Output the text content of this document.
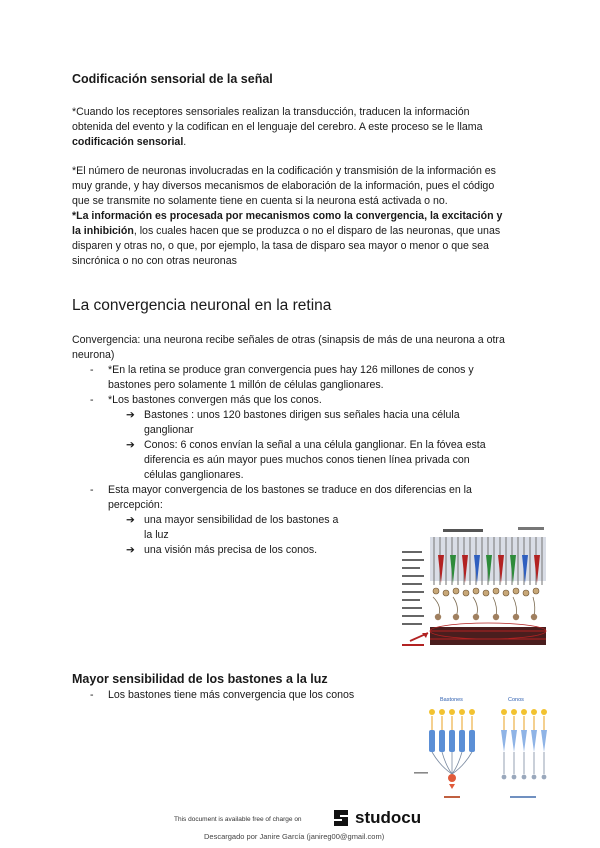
Codificación sensorial de la señal
*Cuando los receptores sensoriales realizan la transducción, traducen la información
obtenida del evento y la codifican en el lenguaje del cerebro. A este proceso se le llama
codificación sensorial.
*El número de neuronas involucradas en la codificación y transmisión de la información es
muy grande, y hay diversos mecanismos de elaboración de la información, pues el código
que se transmite no solamente tiene en cuenta si la neurona está activada o no.
*La información es procesada por mecanismos como la convergencia, la excitación y
la inhibición, los cuales hacen que se produzca o no el disparo de las neuronas, que unas
disparen y otras no, o que, por ejemplo, la tasa de disparo sea mayor o menor o que sea
sincrónica o no con otras neuronas
La convergencia neuronal en la retina
Convergencia: una neurona recibe señales de otras (sinapsis de más de una neurona a otra
neurona)
- *En la retina se produce gran convergencia pues hay 126 millones de conos y
bastones pero solamente 1 millón de células ganglionares.
- *Los bastones convergen más que los conos.
➔ Bastones : unos 120 bastones dirigen sus señales hacia una célula
ganglionar
➔ Conos: 6 conos envían la señal a una célula ganglionar. En la fóvea esta
diferencia es aún mayor pues muchos conos tienen línea privada con
células ganglionares.
- Esta mayor convergencia de los bastones se traduce en dos diferencias en la
percepción:
➔ una mayor sensibilidad de los bastones a
la luz
➔ una visión más precisa de los conos.
Mayor sensibilidad de los bastones a la luz
- Los bastones tiene más convergencia que los conos	Bastones	Conos
This document is available free of charge on	studocu
Descargado por Janire García (janireg00@gmail.com)
